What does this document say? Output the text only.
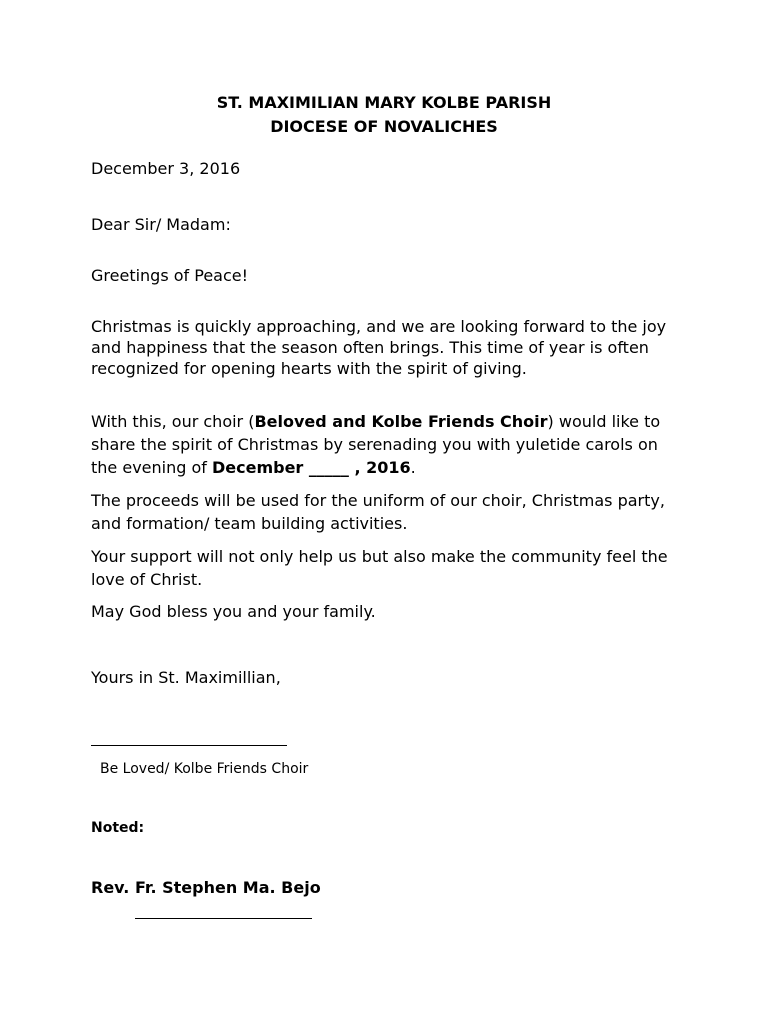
ST. MAXIMILIAN MARY KOLBE PARISH
DIOCESE OF NOVALICHES
December 3, 2016
Dear Sir/ Madam:
Greetings of Peace!
Christmas is quickly approaching, and we are looking forward to the joy and happiness that the season often brings. This time of year is often recognized for opening hearts with the spirit of giving.
With this, our choir (Beloved and Kolbe Friends Choir) would like to share the spirit of Christmas by serenading you with yuletide carols on the evening of December _____ , 2016.
The proceeds will be used for the uniform of our choir, Christmas party, and formation/ team building activities.
Your support will not only help us but also make the community feel the love of Christ.
May God bless you and your family.
Yours in St. Maximillian,
Be Loved/ Kolbe Friends Choir
Noted:
Rev. Fr. Stephen Ma. Bejo
